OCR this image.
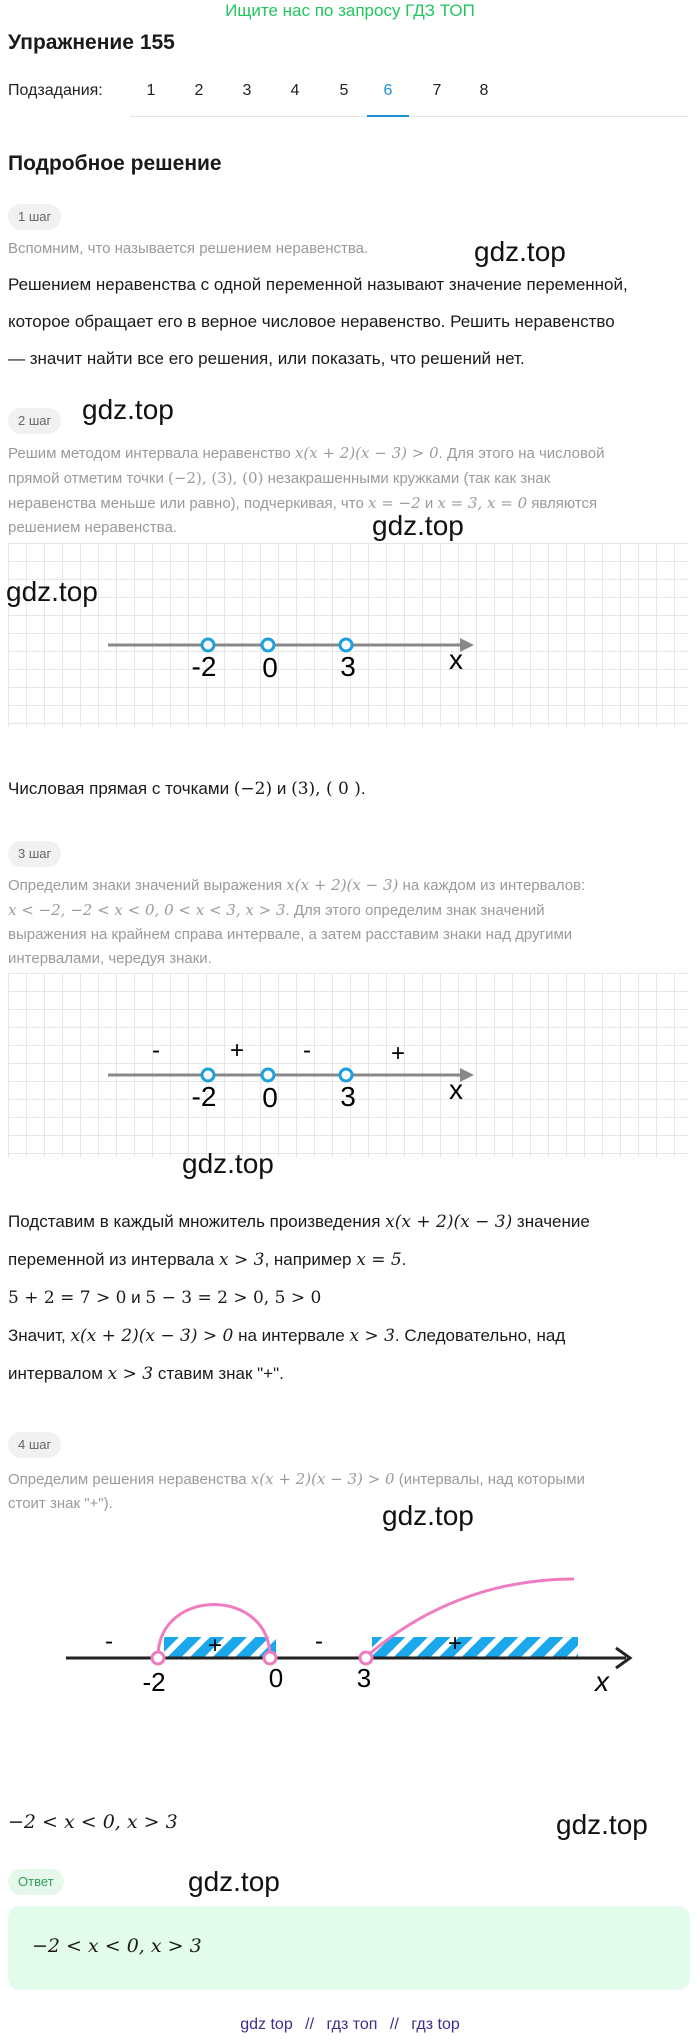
Ищите нас по запросу ГДЗ ТОП
Упражнение 155
Подзадания:	1	2	3	4	5	6	7	8
Подробное решение
1 шаг
Вспомним, что называется решением неравенства.	gdz.top
Решением неравенства с одной переменной называют значение переменной,
которое обращает его в верное числовое неравенство. Решить неравенство
— значит найти все его решения, или показать, что решений нет.
2 шаг	gdz.top
Решим методом интервала неравенство x(x + 2)(x − 3) > 0. Для этого на числовой
прямой отметим точки (−2), (3), (0) незакрашенными кружками (так как знак
неравенства меньше или равно), подчеркивая, что x = −2 и x = 3, x = 0 являются
решением неравенства.	gdz.top
gdz.top
-2 0 3	x
Числовая прямая с точками (−2) и (3), ( 0 ).
3 шаг
Определим знаки значений выражения x(x + 2)(x − 3) на каждом из интервалов:
x < −2, −2 < x < 0, 0 < x < 3, x > 3. Для этого определим знак значений
выражения на крайнем справа интервале, а затем расставим знаки над другими
интервалами, чередуя знаки.
-	+ -	+
-2 0 3	x
gdz.top
Подставим в каждый множитель произведения x(x + 2)(x − 3) значение
переменной из интервала x > 3, например x = 5.
5 + 2 = 7 > 0 и 5 − 3 = 2 > 0, 5 > 0
Значит, x(x + 2)(x − 3) > 0 на интервале x > 3. Следовательно, над
интервалом x > 3 ставим знак "+".
4 шаг
Определим решения неравенства x(x + 2)(x − 3) > 0 (интервалы, над которыми
стоит знак "+").	gdz.top
-	+	-	+
-2	0	3	x
−2 < x < 0, x > 3	gdz.top
Ответ	gdz.top
−2 < x < 0, x > 3
gdz top // гдз топ // гдз top
